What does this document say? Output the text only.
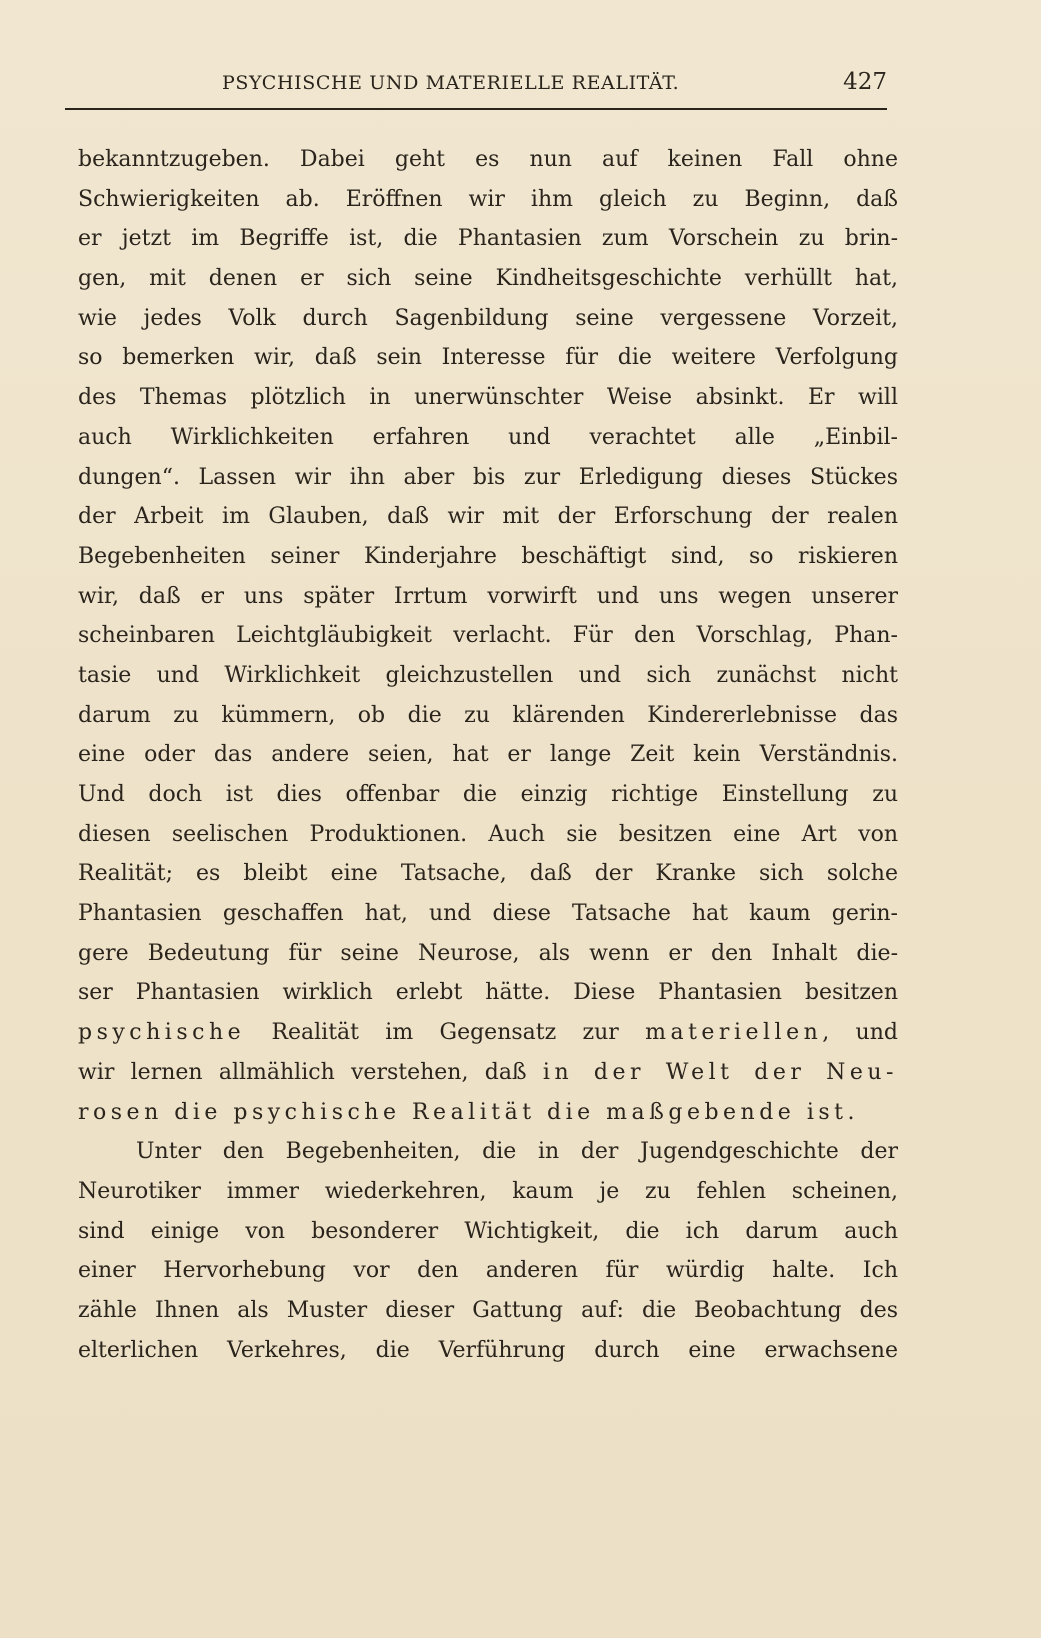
PSYCHISCHE UND MATERIELLE REALITÄT.	427
bekanntzugeben. Dabei geht es nun auf keinen Fall ohne
Schwierigkeiten ab. Eröffnen wir ihm gleich zu Beginn, daß
er jetzt im Begriffe ist, die Phantasien zum Vorschein zu brin-
gen, mit denen er sich seine Kindheitsgeschichte verhüllt hat,
wie jedes Volk durch Sagenbildung seine vergessene Vorzeit,
so bemerken wir, daß sein Interesse für die weitere Verfolgung
des Themas plötzlich in unerwünschter Weise absinkt. Er will
auch Wirklichkeiten erfahren und verachtet alle „Einbil-
dungen“. Lassen wir ihn aber bis zur Erledigung dieses Stückes
der Arbeit im Glauben, daß wir mit der Erforschung der realen
Begebenheiten seiner Kinderjahre beschäftigt sind, so riskieren
wir, daß er uns später Irrtum vorwirft und uns wegen unserer
scheinbaren Leichtgläubigkeit verlacht. Für den Vorschlag, Phan-
tasie und Wirklichkeit gleichzustellen und sich zunächst nicht
darum zu kümmern, ob die zu klärenden Kindererlebnisse das
eine oder das andere seien, hat er lange Zeit kein Verständnis.
Und doch ist dies offenbar die einzig richtige Einstellung zu
diesen seelischen Produktionen. Auch sie besitzen eine Art von
Realität; es bleibt eine Tatsache, daß der Kranke sich solche
Phantasien geschaffen hat, und diese Tatsache hat kaum gerin-
gere Bedeutung für seine Neurose, als wenn er den Inhalt die-
ser Phantasien wirklich erlebt hätte. Diese Phantasien besitzen
psychische Realität im Gegensatz zur materiellen, und
wir lernen allmählich verstehen, daß in der Welt der Neu-
rosen die psychische Realität die maßgebende ist.
Unter den Begebenheiten, die in der Jugendgeschichte der
Neurotiker immer wiederkehren, kaum je zu fehlen scheinen,
sind einige von besonderer Wichtigkeit, die ich darum auch
einer Hervorhebung vor den anderen für würdig halte. Ich
zähle Ihnen als Muster dieser Gattung auf: die Beobachtung des
elterlichen Verkehres, die Verführung durch eine erwachsene
